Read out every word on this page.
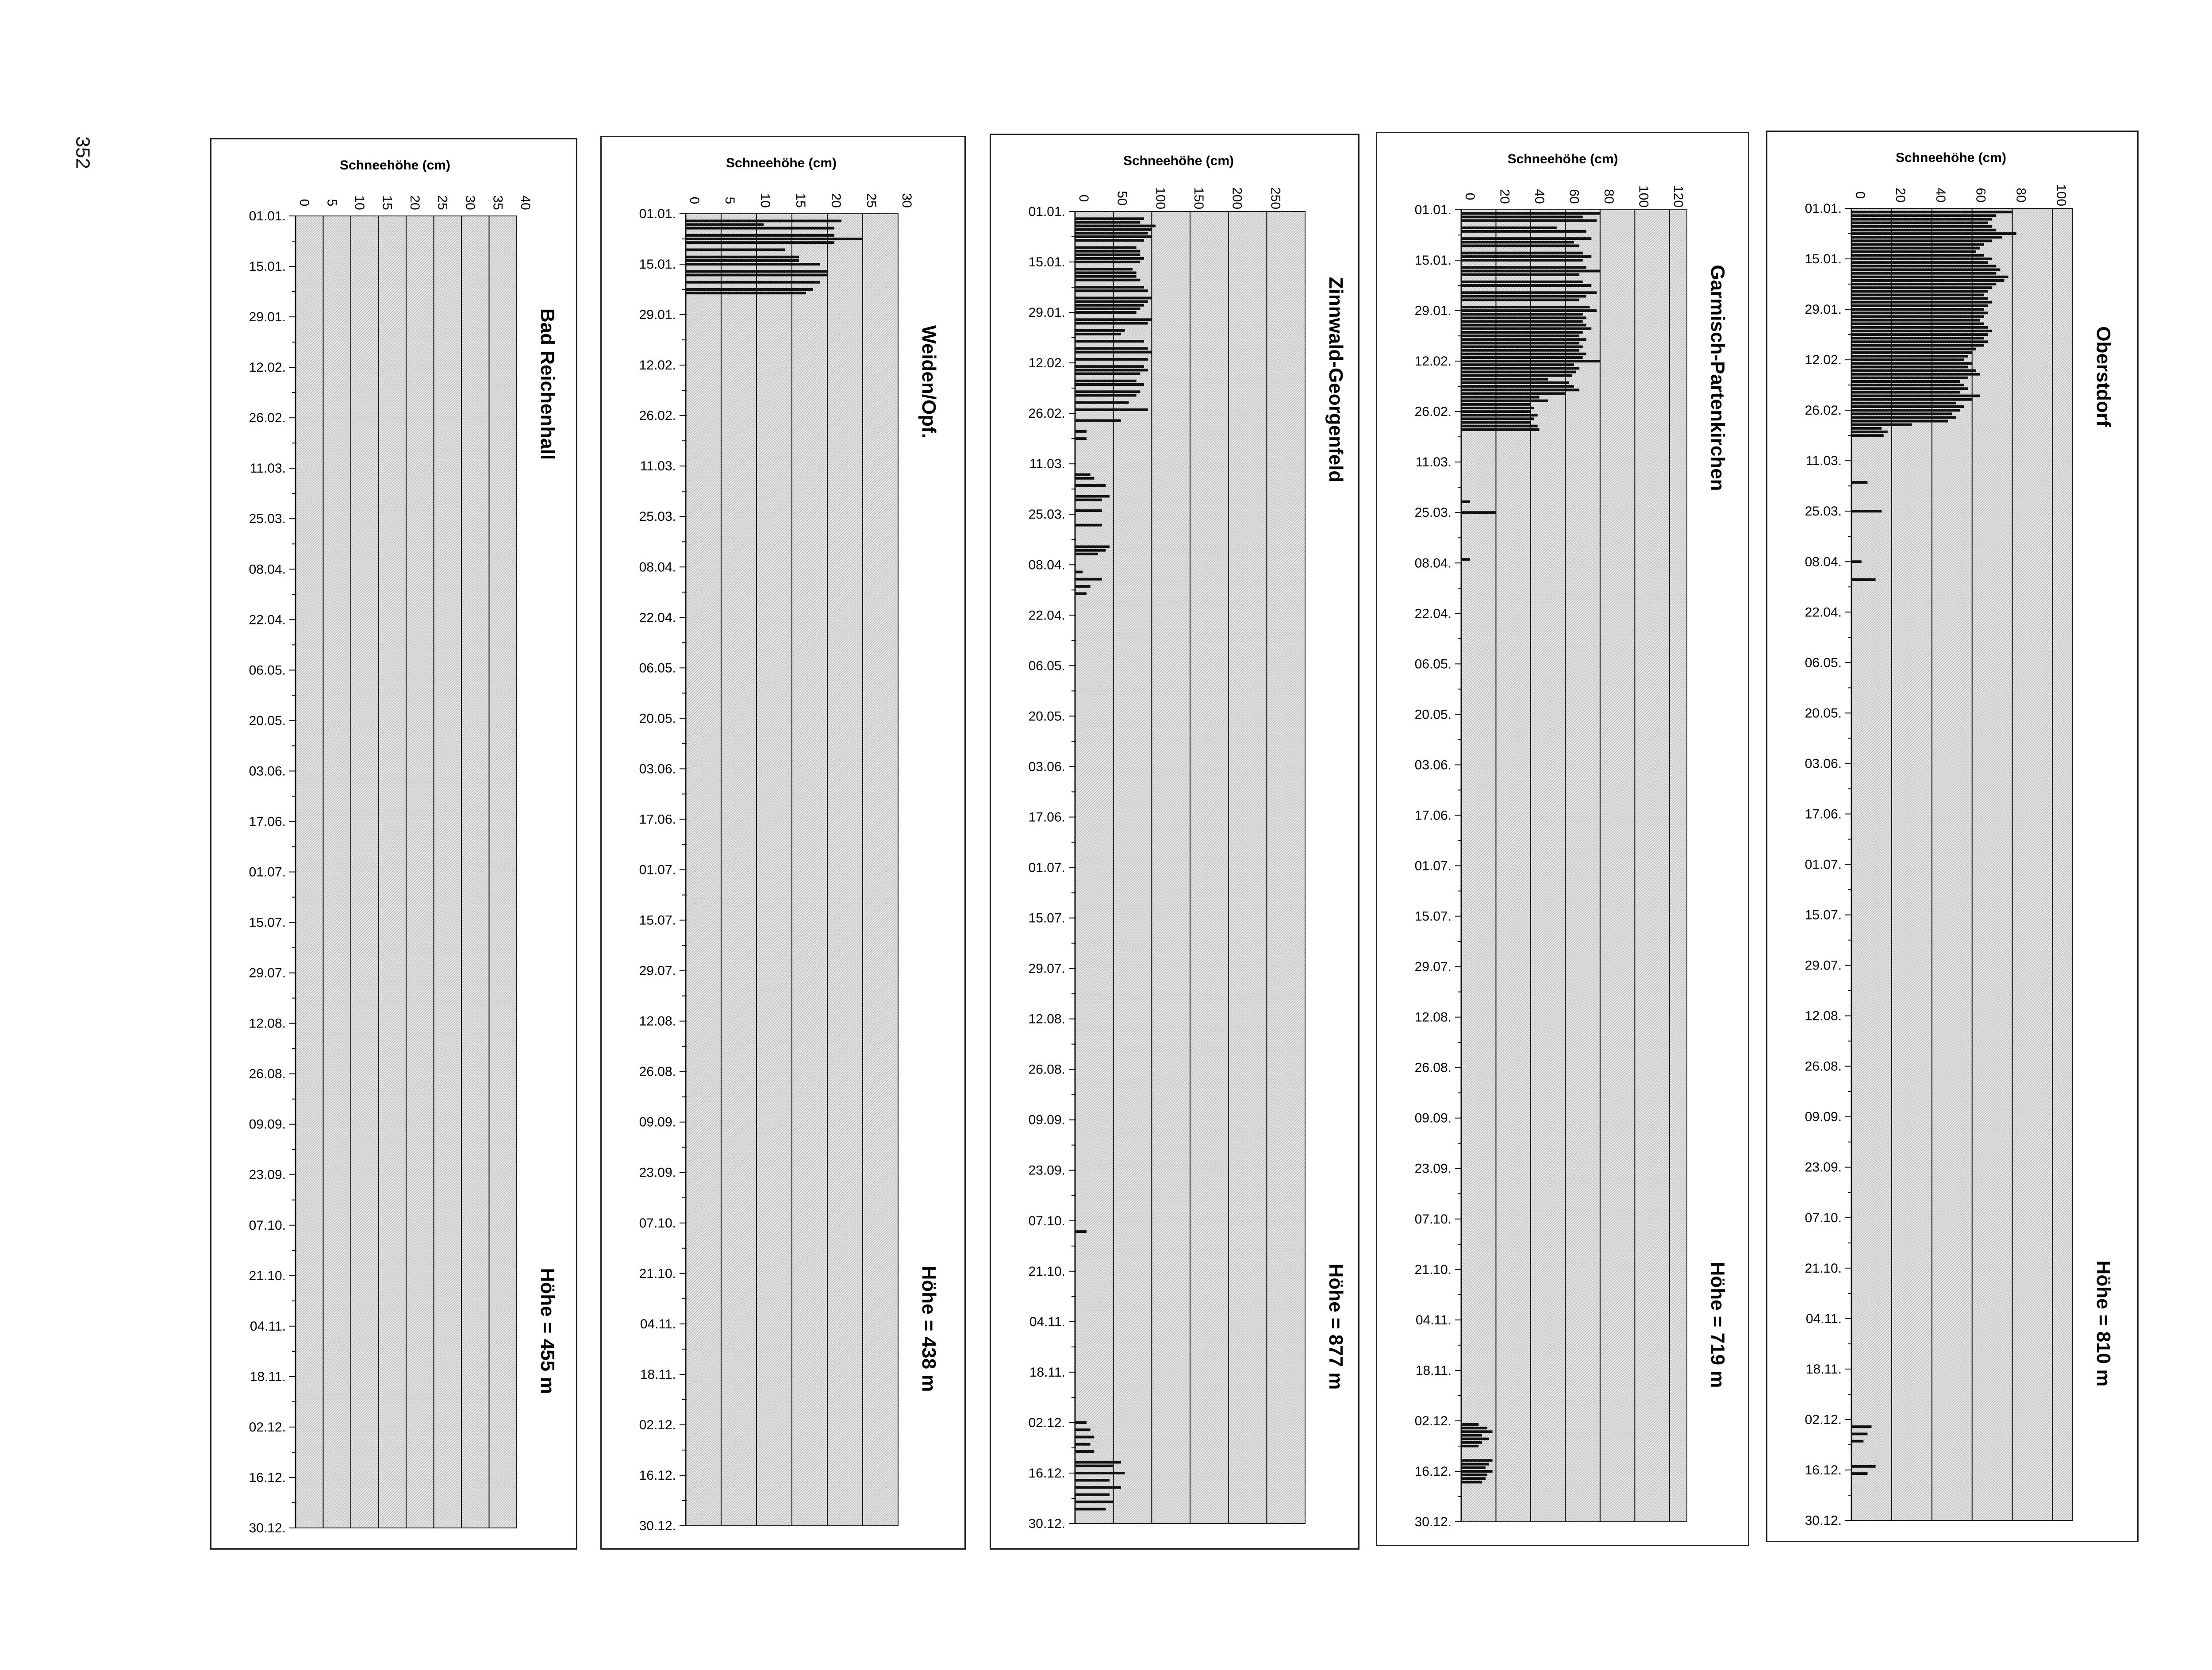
352
0 5 10 15 20 25 30 35 40
Schneehöhe (cm)
01.01.
15.01.
29.01.
12.02.
26.02.
11.03.
25.03.
08.04.
22.04.
06.05.
20.05.
03.06.
17.06.
01.07.
15.07.
29.07.
12.08.
26.08.
09.09.
23.09.
07.10.
21.10.
04.11.
18.11.
02.12.
16.12.
30.12.
Bad Reichenhall
Höhe = 455 m
0 5 10 15 20 25 30
Schneehöhe (cm)
01.01.
15.01.
29.01.
12.02.
26.02.
11.03.
25.03.
08.04.
22.04.
06.05.
20.05.
03.06.
17.06.
01.07.
15.07.
29.07.
12.08.
26.08.
09.09.
23.09.
07.10.
21.10.
04.11.
18.11.
02.12.
16.12.
30.12.
Weiden/Opf.
Höhe = 438 m
0 50 100 150 200 250
Schneehöhe (cm)
01.01.
15.01.
29.01.
12.02.
26.02.
11.03.
25.03.
08.04.
22.04.
06.05.
20.05.
03.06.
17.06.
01.07.
15.07.
29.07.
12.08.
26.08.
09.09.
23.09.
07.10.
21.10.
04.11.
18.11.
02.12.
16.12.
30.12.
Zinnwald-Georgenfeld
Höhe = 877 m
0 20 40 60 80 100 120
Schneehöhe (cm)
01.01.
15.01.
29.01.
12.02.
26.02.
11.03.
25.03.
08.04.
22.04.
06.05.
20.05.
03.06.
17.06.
01.07.
15.07.
29.07.
12.08.
26.08.
09.09.
23.09.
07.10.
21.10.
04.11.
18.11.
02.12.
16.12.
30.12.
Garmisch-Partenkirchen
Höhe = 719 m
0 20 40 60 80 100
Schneehöhe (cm)
01.01.
15.01.
29.01.
12.02.
26.02.
11.03.
25.03.
08.04.
22.04.
06.05.
20.05.
03.06.
17.06.
01.07.
15.07.
29.07.
12.08.
26.08.
09.09.
23.09.
07.10.
21.10.
04.11.
18.11.
02.12.
16.12.
30.12.
Oberstdorf
Höhe = 810 m
